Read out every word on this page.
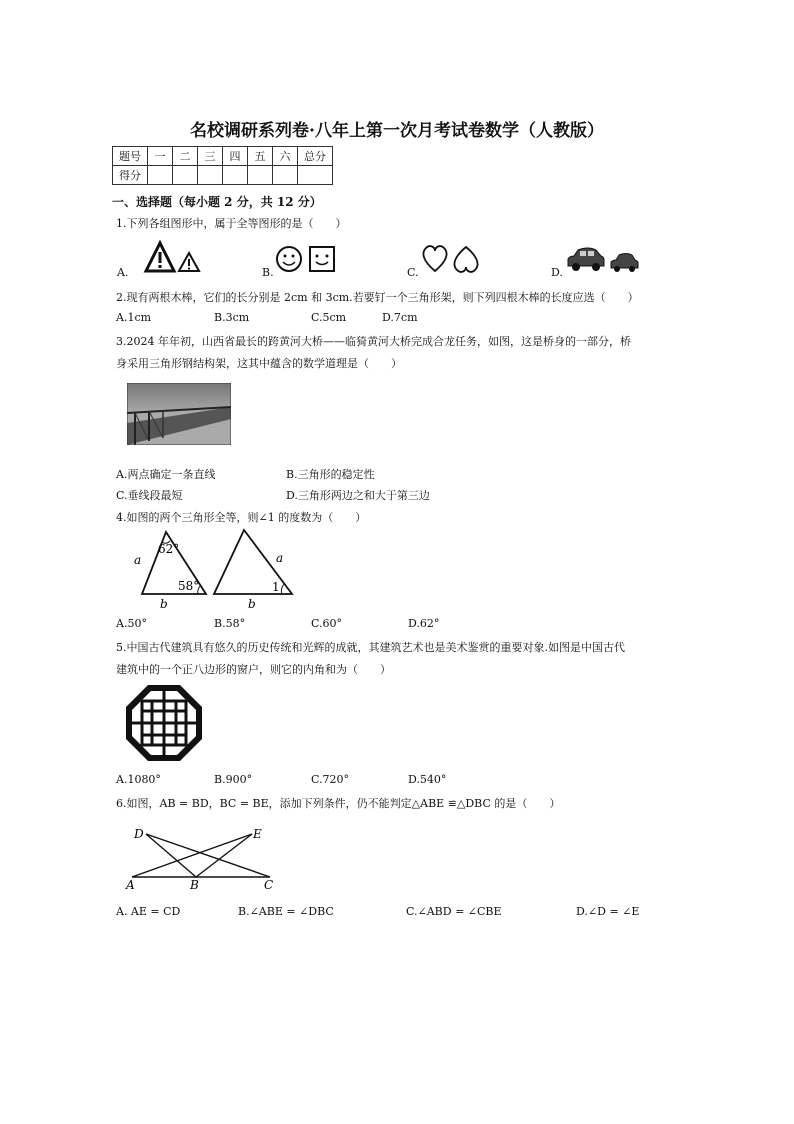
名校调研系列卷·八年上第一次月考试卷数学（人教版）
题号	一	二	三	四	五	六	总分
得分							
一、选择题（每小题 2 分，共 12 分）
1.下列各组图形中，属于全等图形的是（　　）
A.	B.	C.	D.
2.现有两根木棒，它们的长分别是 2cm 和 3cm.若要钉一个三角形架，则下列四根木棒的长度应选（　　）
A.1cm	B.3cm	C.5cm	D.7cm
3.2024 年年初，山西省最长的跨黄河大桥——临猗黄河大桥完成合龙任务，如图，这是桥身的一部分，桥
身采用三角形钢结构架，这其中蕴含的数学道理是（　　）
A.两点确定一条直线	B.三角形的稳定性
C.垂线段最短	D.三角形两边之和大于第三边
4.如图的两个三角形全等，则∠1 的度数为（　　）
62°
58°
a
b
a
b
1
A.50°	B.58°	C.60°	D.62°
5.中国古代建筑具有悠久的历史传统和光辉的成就，其建筑艺术也是美术鉴赏的重要对象.如图是中国古代
建筑中的一个正八边形的窗户，则它的内角和为（　　）
A.1080°	B.900°	C.720°	D.540°
6.如图，AB = BD，BC = BE，添加下列条件，仍不能判定△ABE ≌△DBC 的是（　　）
D	E
A	B	C
A. AE = CD	B.∠ABE = ∠DBC	C.∠ABD = ∠CBE	D.∠D = ∠E
